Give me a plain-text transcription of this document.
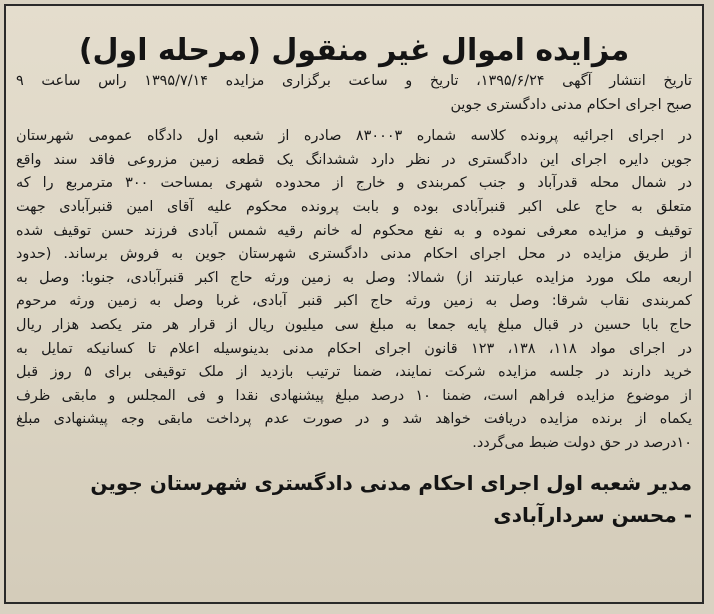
مزایده اموال غیر منقول (مرحله اول)
تاریخ انتشار آگهی ۱۳۹۵/۶/۲۴، تاریخ و ساعت برگزاری مزایده ۱۳۹۵/۷/۱۴ راس ساعت ۹
صبح اجرای احکام مدنی دادگستری جوین
در اجرای اجرائیه پرونده کلاسه شماره ۸۳۰۰۰۳ صادره از شعبه اول دادگاه عمومی شهرستان
جوین دایره اجرای این دادگستری در نظر دارد ششدانگ یک قطعه زمین مزروعی فاقد سند واقع
در شمال محله قدرآباد و جنب کمربندی و خارج از محدوده شهری بمساحت ۳۰۰ مترمربع را که
متعلق به حاج علی اکبر قنبرآبادی بوده و بابت پرونده محکوم علیه آقای امین قنبرآبادی جهت
توقیف و مزایده معرفی نموده و به نفع محکوم له خانم رقیه شمس آبادی فرزند حسن توقیف شده
از طریق مزایده در محل اجرای احکام مدنی دادگستری شهرستان جوین به فروش برساند. (حدود
اربعه ملک مورد مزایده عبارتند از) شمالا: وصل به زمین ورثه حاج اکبر قنبرآبادی، جنوبا: وصل به
کمربندی نقاب شرقا: وصل به زمین ورثه حاج اکبر قنبر آبادی، غربا وصل به زمین ورثه مرحوم
حاج بابا حسین در قبال مبلغ پایه جمعا به مبلغ سی میلیون ریال از قرار هر متر یکصد هزار ریال
در اجرای مواد ۱۱۸، ۱۳۸، ۱۲۳ قانون اجرای احکام مدنی بدینوسیله اعلام تا کسانیکه تمایل به
خرید دارند در جلسه مزایده شرکت نمایند، ضمنا ترتیب بازدید از ملک توقیفی برای ۵ روز قبل
از موضوع مزایده فراهم است، ضمنا ۱۰ درصد مبلغ پیشنهادی نقدا و فی المجلس و مابقی ظرف
یکماه از برنده مزایده دریافت خواهد شد و در صورت عدم پرداخت مابقی وجه پیشنهادی مبلغ
۱۰درصد در حق دولت ضبط می‌گردد.
مدیر شعبه اول اجرای احکام مدنی دادگستری شهرستان جوین
- محسن سردارآبادی
